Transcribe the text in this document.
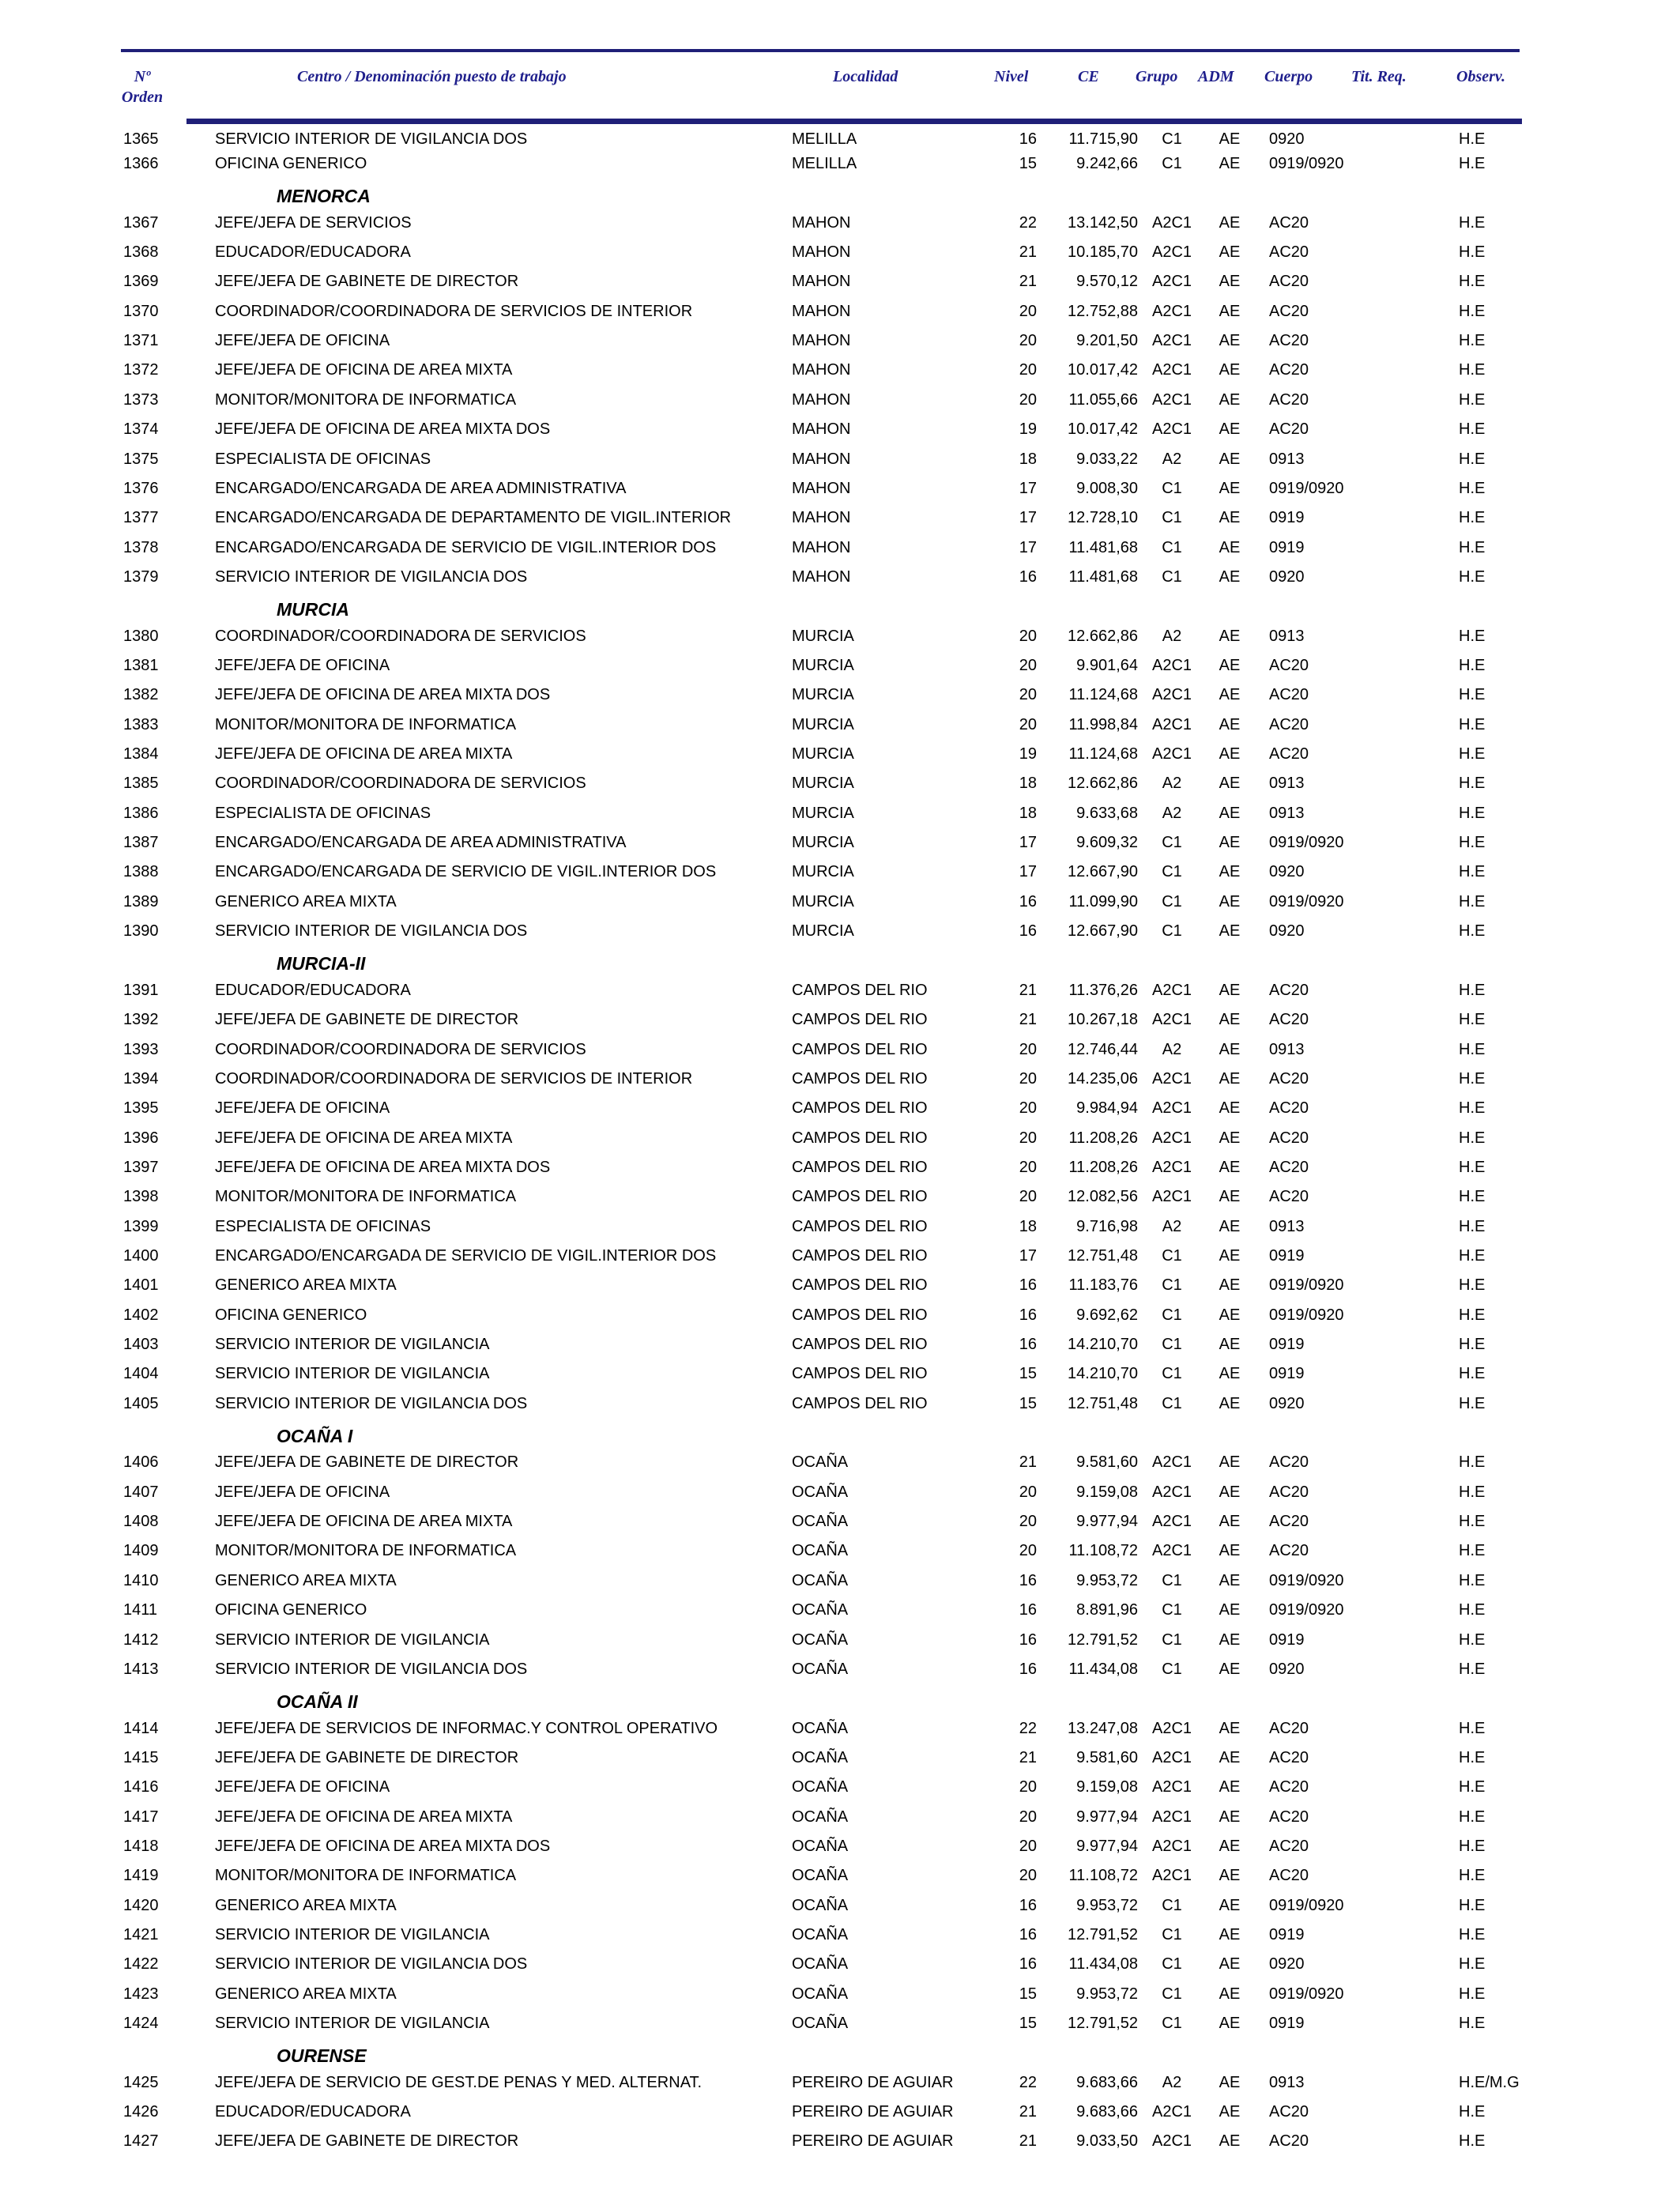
Nº
Orden
Centro / Denominación puesto de trabajo	Localidad	Nivel	CE Grupo ADM Cuerpo Tit. Req.	Observ.
1365	SERVICIO INTERIOR DE VIGILANCIA DOS	MELILLA	16	11.715,90	C1	AE	0920	H.E
1366	OFICINA GENERICO	MELILLA	15	9.242,66	C1	AE	0919/0920	H.E
MENORCA
1367	JEFE/JEFA DE SERVICIOS	MAHON	22	13.142,50 A2C1	AE	AC20	H.E
1368	EDUCADOR/EDUCADORA	MAHON	21	10.185,70 A2C1	AE	AC20	H.E
1369	JEFE/JEFA DE GABINETE DE DIRECTOR	MAHON	21	9.570,12 A2C1	AE	AC20	H.E
1370	COORDINADOR/COORDINADORA DE SERVICIOS DE INTERIOR	MAHON	20	12.752,88 A2C1	AE	AC20	H.E
1371	JEFE/JEFA DE OFICINA	MAHON	20	9.201,50 A2C1	AE	AC20	H.E
1372	JEFE/JEFA DE OFICINA DE AREA MIXTA	MAHON	20	10.017,42 A2C1	AE	AC20	H.E
1373	MONITOR/MONITORA DE INFORMATICA	MAHON	20	11.055,66 A2C1	AE	AC20	H.E
1374	JEFE/JEFA DE OFICINA DE AREA MIXTA DOS	MAHON	19	10.017,42 A2C1	AE	AC20	H.E
1375	ESPECIALISTA DE OFICINAS	MAHON	18	9.033,22	A2	AE	0913	H.E
1376	ENCARGADO/ENCARGADA DE AREA ADMINISTRATIVA	MAHON	17	9.008,30	C1	AE	0919/0920	H.E
1377	ENCARGADO/ENCARGADA DE DEPARTAMENTO DE VIGIL.INTERIOR	MAHON	17	12.728,10	C1	AE	0919	H.E
1378	ENCARGADO/ENCARGADA DE SERVICIO DE VIGIL.INTERIOR DOS	MAHON	17	11.481,68	C1	AE	0919	H.E
1379	SERVICIO INTERIOR DE VIGILANCIA DOS	MAHON	16	11.481,68	C1	AE	0920	H.E
MURCIA
1380	COORDINADOR/COORDINADORA DE SERVICIOS	MURCIA	20	12.662,86	A2	AE	0913	H.E
1381	JEFE/JEFA DE OFICINA	MURCIA	20	9.901,64 A2C1	AE	AC20	H.E
1382	JEFE/JEFA DE OFICINA DE AREA MIXTA DOS	MURCIA	20	11.124,68 A2C1	AE	AC20	H.E
1383	MONITOR/MONITORA DE INFORMATICA	MURCIA	20	11.998,84 A2C1	AE	AC20	H.E
1384	JEFE/JEFA DE OFICINA DE AREA MIXTA	MURCIA	19	11.124,68 A2C1	AE	AC20	H.E
1385	COORDINADOR/COORDINADORA DE SERVICIOS	MURCIA	18	12.662,86	A2	AE	0913	H.E
1386	ESPECIALISTA DE OFICINAS	MURCIA	18	9.633,68	A2	AE	0913	H.E
1387	ENCARGADO/ENCARGADA DE AREA ADMINISTRATIVA	MURCIA	17	9.609,32	C1	AE	0919/0920	H.E
1388	ENCARGADO/ENCARGADA DE SERVICIO DE VIGIL.INTERIOR DOS	MURCIA	17	12.667,90	C1	AE	0920	H.E
1389	GENERICO AREA MIXTA	MURCIA	16	11.099,90	C1	AE	0919/0920	H.E
1390	SERVICIO INTERIOR DE VIGILANCIA DOS	MURCIA	16	12.667,90	C1	AE	0920	H.E
MURCIA-II
1391	EDUCADOR/EDUCADORA	CAMPOS DEL RIO	21	11.376,26 A2C1	AE	AC20	H.E
1392	JEFE/JEFA DE GABINETE DE DIRECTOR	CAMPOS DEL RIO	21	10.267,18 A2C1	AE	AC20	H.E
1393	COORDINADOR/COORDINADORA DE SERVICIOS	CAMPOS DEL RIO	20	12.746,44	A2	AE	0913	H.E
1394	COORDINADOR/COORDINADORA DE SERVICIOS DE INTERIOR	CAMPOS DEL RIO	20	14.235,06 A2C1	AE	AC20	H.E
1395	JEFE/JEFA DE OFICINA	CAMPOS DEL RIO	20	9.984,94 A2C1	AE	AC20	H.E
1396	JEFE/JEFA DE OFICINA DE AREA MIXTA	CAMPOS DEL RIO	20	11.208,26 A2C1	AE	AC20	H.E
1397	JEFE/JEFA DE OFICINA DE AREA MIXTA DOS	CAMPOS DEL RIO	20	11.208,26 A2C1	AE	AC20	H.E
1398	MONITOR/MONITORA DE INFORMATICA	CAMPOS DEL RIO	20	12.082,56 A2C1	AE	AC20	H.E
1399	ESPECIALISTA DE OFICINAS	CAMPOS DEL RIO	18	9.716,98	A2	AE	0913	H.E
1400	ENCARGADO/ENCARGADA DE SERVICIO DE VIGIL.INTERIOR DOS	CAMPOS DEL RIO	17	12.751,48	C1	AE	0919	H.E
1401	GENERICO AREA MIXTA	CAMPOS DEL RIO	16	11.183,76	C1	AE	0919/0920	H.E
1402	OFICINA GENERICO	CAMPOS DEL RIO	16	9.692,62	C1	AE	0919/0920	H.E
1403	SERVICIO INTERIOR DE VIGILANCIA	CAMPOS DEL RIO	16	14.210,70	C1	AE	0919	H.E
1404	SERVICIO INTERIOR DE VIGILANCIA	CAMPOS DEL RIO	15	14.210,70	C1	AE	0919	H.E
1405	SERVICIO INTERIOR DE VIGILANCIA DOS	CAMPOS DEL RIO	15	12.751,48	C1	AE	0920	H.E
OCAÑA I
1406	JEFE/JEFA DE GABINETE DE DIRECTOR	OCAÑA	21	9.581,60 A2C1	AE	AC20	H.E
1407	JEFE/JEFA DE OFICINA	OCAÑA	20	9.159,08 A2C1	AE	AC20	H.E
1408	JEFE/JEFA DE OFICINA DE AREA MIXTA	OCAÑA	20	9.977,94 A2C1	AE	AC20	H.E
1409	MONITOR/MONITORA DE INFORMATICA	OCAÑA	20	11.108,72 A2C1	AE	AC20	H.E
1410	GENERICO AREA MIXTA	OCAÑA	16	9.953,72	C1	AE	0919/0920	H.E
1411	OFICINA GENERICO	OCAÑA	16	8.891,96	C1	AE	0919/0920	H.E
1412	SERVICIO INTERIOR DE VIGILANCIA	OCAÑA	16	12.791,52	C1	AE	0919	H.E
1413	SERVICIO INTERIOR DE VIGILANCIA DOS	OCAÑA	16	11.434,08	C1	AE	0920	H.E
OCAÑA II
1414	JEFE/JEFA DE SERVICIOS DE INFORMAC.Y CONTROL OPERATIVO	OCAÑA	22	13.247,08 A2C1	AE	AC20	H.E
1415	JEFE/JEFA DE GABINETE DE DIRECTOR	OCAÑA	21	9.581,60 A2C1	AE	AC20	H.E
1416	JEFE/JEFA DE OFICINA	OCAÑA	20	9.159,08 A2C1	AE	AC20	H.E
1417	JEFE/JEFA DE OFICINA DE AREA MIXTA	OCAÑA	20	9.977,94 A2C1	AE	AC20	H.E
1418	JEFE/JEFA DE OFICINA DE AREA MIXTA DOS	OCAÑA	20	9.977,94 A2C1	AE	AC20	H.E
1419	MONITOR/MONITORA DE INFORMATICA	OCAÑA	20	11.108,72 A2C1	AE	AC20	H.E
1420	GENERICO AREA MIXTA	OCAÑA	16	9.953,72	C1	AE	0919/0920	H.E
1421	SERVICIO INTERIOR DE VIGILANCIA	OCAÑA	16	12.791,52	C1	AE	0919	H.E
1422	SERVICIO INTERIOR DE VIGILANCIA DOS	OCAÑA	16	11.434,08	C1	AE	0920	H.E
1423	GENERICO AREA MIXTA	OCAÑA	15	9.953,72	C1	AE	0919/0920	H.E
1424	SERVICIO INTERIOR DE VIGILANCIA	OCAÑA	15	12.791,52	C1	AE	0919	H.E
OURENSE
1425	JEFE/JEFA DE SERVICIO DE GEST.DE PENAS Y MED. ALTERNAT.	PEREIRO DE AGUIAR	22	9.683,66	A2	AE	0913	H.E/M.G
1426	EDUCADOR/EDUCADORA	PEREIRO DE AGUIAR	21	9.683,66 A2C1	AE	AC20	H.E
1427	JEFE/JEFA DE GABINETE DE DIRECTOR	PEREIRO DE AGUIAR	21	9.033,50 A2C1	AE	AC20	H.E
